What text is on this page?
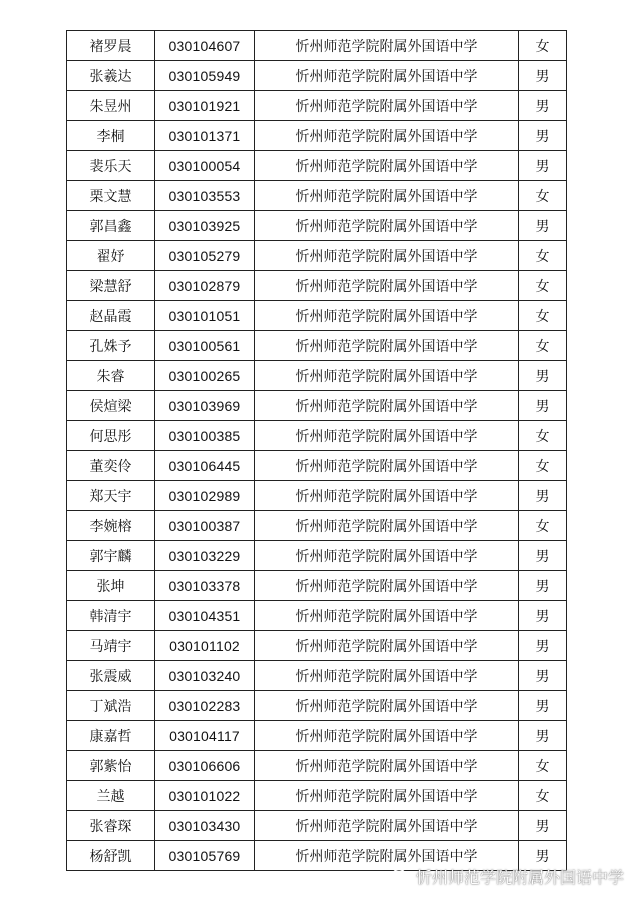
褚罗晨	030104607	忻州师范学院附属外国语中学	女
张羲达	030105949	忻州师范学院附属外国语中学	男
朱昱州	030101921	忻州师范学院附属外国语中学	男
李桐	030101371	忻州师范学院附属外国语中学	男
裴乐天	030100054	忻州师范学院附属外国语中学	男
栗文慧	030103553	忻州师范学院附属外国语中学	女
郭昌鑫	030103925	忻州师范学院附属外国语中学	男
翟妤	030105279	忻州师范学院附属外国语中学	女
梁慧舒	030102879	忻州师范学院附属外国语中学	女
赵晶霞	030101051	忻州师范学院附属外国语中学	女
孔姝予	030100561	忻州师范学院附属外国语中学	女
朱睿	030100265	忻州师范学院附属外国语中学	男
侯煊梁	030103969	忻州师范学院附属外国语中学	男
何思彤	030100385	忻州师范学院附属外国语中学	女
董奕伶	030106445	忻州师范学院附属外国语中学	女
郑天宇	030102989	忻州师范学院附属外国语中学	男
李婉榕	030100387	忻州师范学院附属外国语中学	女
郭宇麟	030103229	忻州师范学院附属外国语中学	男
张坤	030103378	忻州师范学院附属外国语中学	男
韩清宇	030104351	忻州师范学院附属外国语中学	男
马靖宇	030101102	忻州师范学院附属外国语中学	男
张震威	030103240	忻州师范学院附属外国语中学	男
丁斌浩	030102283	忻州师范学院附属外国语中学	男
康嘉哲	030104117	忻州师范学院附属外国语中学	男
郭紫怡	030106606	忻州师范学院附属外国语中学	女
兰越	030101022	忻州师范学院附属外国语中学	女
张睿琛	030103430	忻州师范学院附属外国语中学	男
杨舒凯	030105769	忻州师范学院附属外国语中学	男
忻州师范学院附属外国语中学
